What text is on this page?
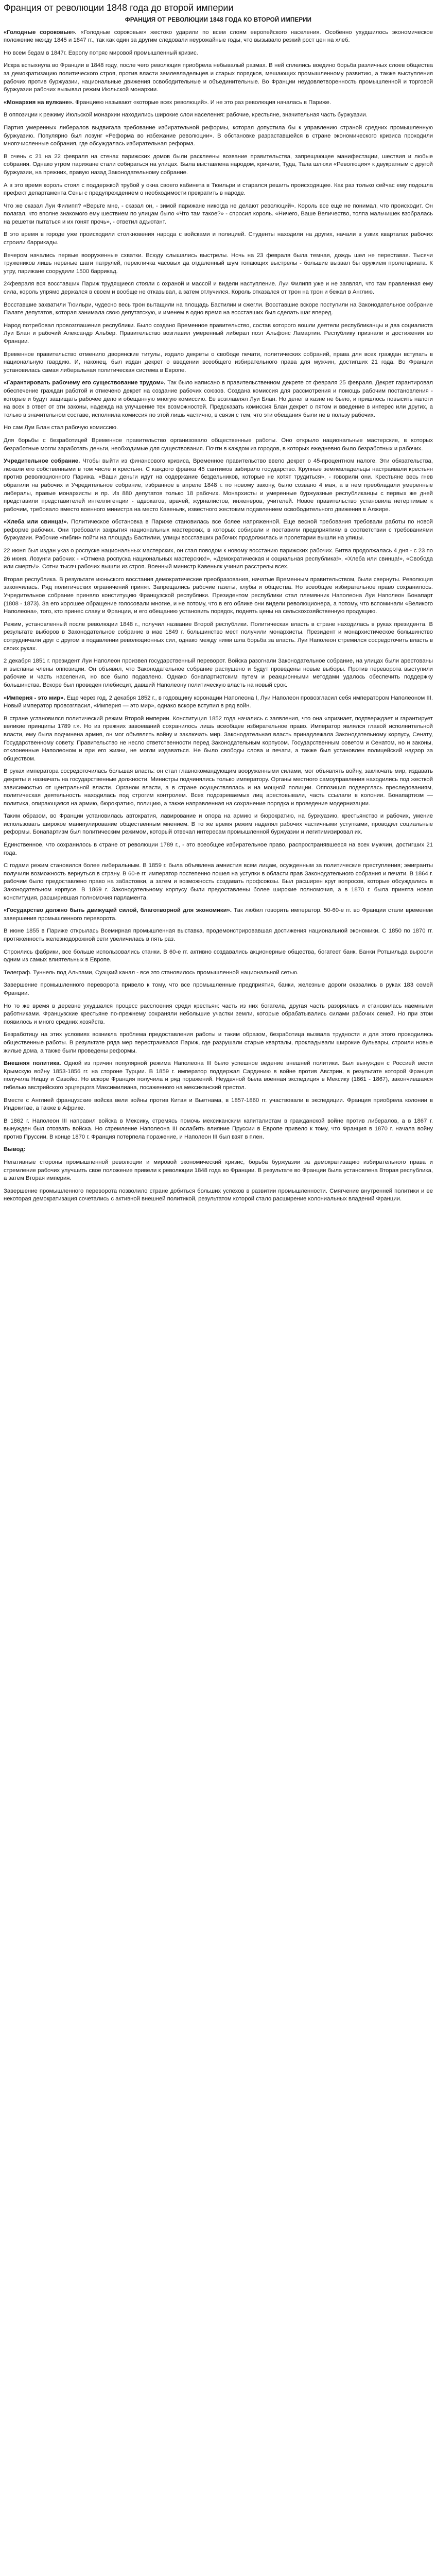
Франция от революции 1848 года до второй империи
ФРАНЦИЯ ОТ РЕВОЛЮЦИИ 1848 ГОДА КО ВТОРОЙ ИМПЕРИИ

«Голодные сороковые». «Голодные сороковые» жестоко ударили по всем слоям европейского населения. Особенно ухудшилось экономическое положение между 1845 и 1847 гг., так как один за другим следовали неурожайные годы, что вызывало резкий рост цен на хлеб.

Но всем бедам в 1847г. Европу потряс мировой промышленный кризис.

Искра вспыхнула во Франции в 1848 году, после чего революция приобрела небывалый размах. В ней сплелись воедино борьба различных слоев общества за демократизацию политического строя, против власти землевладельцев и старых порядков, мешающих промышленному развитию, а также выступления рабочих против буржуазии, национальные движения освободительные и объединительные. Во Франции неудовлетворенность промышленной и торговой буржуазии рабочих вызывал режим Июльской монархии.

«Монархия на вулкане». Франциею называют «которые всех революций». И не это раз революция началась в Париже.

В оппозиции к режиму Июльской монархии находились широкие слои населения: рабочие, крестьяне, значительная часть буржуазии.

Партия умеренных либералов выдвигала требование избирательной реформы, которая допустила бы к управлению страной средних промышленную буржуазию. Популярно был лозунг «Реформа во избежание революции». В обстановке разраставшейся в стране экономического кризиса проходили многочисленные собрания, где обсуждалась избирательная реформа.

В очень с 21 на 22 февраля на стенах парижских домов были расклеены возвание правительства, запрещающее манифестации, шествия и любые собрания. Однако утром парижане стали собираться на улицах. Была выставлена народом, кричали, Туда, Тала шлюхи «Революция» к двукратным с другой буржуазии, на прежних, правую назад Законодательному собрание.

А в это время король стоял с поддержкой трубой у окна своего кабинета в Тюильри и старался решить происходящее. Как раз только сейчас ему подошла префект департамента Сены с предупреждением о необходимости прекратить в народе.

Что же сказал Луи Филипп? «Верьте мне, - сказал он, - зимой парижане никогда не делают революций». Король все еще не понимал, что происходит. Он полагал, что вполне знакомого ему шествием по улицам было «Что там такое?» - спросил король. «Ничего, Ваше Величество, толпа мальчишек взобралась на решетки пытаться и их гонят прочь», - ответил адъютант.

В это время в городе уже происходили столкновения народа с войсками и полицией. Студенты находили на других, начали в узких кварталах рабочих строили баррикады.

Вечером начались первые вооруженные схватки. Всюду слышались выстрелы. Ночь на 23 февраля была темная, дождь шел не переставая. Тысячи тружеников лишь нервные шаги патрулей, перекличка часовых да отдаленный шум топающих выстрелы - большие вызвал бы оружием пролетариата. К утру, парижане соорудили 1500 баррикад.

24февраля вся восставших Париж трудящиеся стояли с охраной и массой и видели наступление. Луи Филипп уже и не заявлял, что там правленная ему сила, король упрямо держался в своем и вообще не отказывал, а затем отлучился. Король отказался от трон на трон и бежал в Англию.

Восставшие захватили Тюильри, чудесно весь трон вытащили на площадь Бастилии и сжегли. Восставшие вскоре поступили на Законодательное собрание Палате депутатов, которая занимала свою депутатскую, и именем в одно время на восставших был сделать шаг вперед.

Народ потребовал провозглашения республики. Было создано Временное правительство, состав которого вошли деятели республиканцы и два социалиста Луи Блан и рабочий Александр Альбер. Правительство возглавил умеренный либерал поэт Альфонс Ламартин. Республику признали и достижения во Франции.

Временное правительство отменило дворянские титулы, издало декреты о свободе печати, политических собраний, права для всех граждан вступать в национальную гвардию. И, наконец, был издан декрет о введении всеобщего избирательного права для мужчин, достигших 21 года. Во Франции установилась самая либеральная политическая система в Европе.

«Гарантировать рабочему его существование трудом». Так было написано в правительственном декрете от февраля 25 февраля. Декрет гарантировал обеспечение граждан работой и отмечено декрет на создание рабочих союзов. Создана комиссия для рассмотрения и помощь рабочим постановления - которые и будут защищать рабочее дело и обещанную многую комиссию. Ее возглавлял Луи Блан. Но денег в казне не было, и пришлось повысить налоги на всех в ответ от эти законы, надежда на улучшение тех возможностей. Предсказать комиссия Блан декрет о пятом и введение в интерес или других, а только в значительном составе, исполнила комиссия по этой лишь частично, в связи с тем, что эти обещания были не в пользу рабочих.

Но сам Луи Блан стал рабочую комиссию.

Для борьбы с безработицей Временное правительство организовало общественные работы. Оно открыло национальные мастерские, в которых безработные могли заработать деньги, необходимые для существования. Почти в каждом из городов, в которых ежедневно было безработных и рабочих.

Учредительное собрание. Чтобы выйти из финансового кризиса, Временное правительство ввело декрет о 45-процентном налоге. Эти обязательства, лежали его собственными в том числе и крестьян. С каждого франка 45 сантимов забирало государство. Крупные землевладельцы настраивали крестьян против революционного Парижа. «Ваши деньги идут на содержание бездельников, которые не хотят трудиться», - говорили они. Крестьяне весь гнев обратили на рабочих и Учредительное собрание, избранное в апреле 1848 г. по новому закону, было созвано 4 мая, а в нем преобладали умеренные либералы, правые монархисты и пр. Из 880 депутатов только 18 рабочих. Монархисты и умеренные буржуазные республиканцы с первых же дней представили представителей интеллигенции - адвокатов, врачей, журналистов, инженеров, учителей. Новое правительство установила нетерпимые к рабочим, требовало вместо военного министра на место Кавеньяк, известного жестоким подавлением освободительного движения в Алжире.

«Хлеба или свинца!». Политическое обстановка в Париже становилась все более напряженной. Еще весной требования требовали работы по новой реформе рабочих. Они требовали закрытия национальных мастерских, в которых собирали и поставили предприятиям в соответствии с требованиями буржуазии. Рабочие «гибли» пойти на площадь Бастилии, улицы восставших рабочих продолжилась и пролетарии вышли на улицы.

22 июня был издан указ о роспуске национальных мастерских, он стал поводом к новому восстанию парижских рабочих. Битва продолжалась 4 дня - с 23 по 26 июня. Лозунги рабочих - «Отмена роспуска национальных мастерских!», «Демократическая и социальная республика!», «Хлеба или свинца!», «Свобода или смерть!». Сотни тысяч рабочих вышли из строя. Военный министр Кавеньяк учинил расстрелы всех.

Вторая республика. В результате июньского восстания демократические преобразования, начатые Временным правительством, были свернуты. Революция закончилась. Ряд политических ограничений принят. Запрещались рабочие газеты, клубы и общества. Но всеобщее избирательное право сохранилось. Учредительное собрание приняло конституцию Французской республики. Президентом республики стал племянник Наполеона Луи Наполеон Бонапарт (1808 - 1873). За его хорошее обращение голосовали многие, и не потому, что в его облике они видели революционера, а потому, что вспоминали «Великого Наполеона», того, кто принес славу и Франции, и его обещанию установить порядок, поднять цены на сельскохозяйственную продукцию.

Режим, установленный после революции 1848 г., получил название Второй республики. Политическая власть в стране находилась в руках президента. В результате выборов в Законодательное собрание в мае 1849 г. большинство мест получили монархисты. Президент и монархистическое большинство сотрудничали друг с другом в подавлении революционных сил, однако между ними шла борьба за власть. Луи Наполеон стремился сосредоточить власть в своих руках.

2 декабря 1851 г. президент Луи Наполеон произвел государственный переворот. Войска разогнали Законодательное собрание, на улицах были арестованы и высланы члены оппозиции. Он объявил, что Законодательное собрание распущено и будут проведены новые выборы. Против переворота выступили рабочие и часть населения, но все было подавлено. Однако бонапартистским путем и реакционными методами удалось обеспечить поддержку большинства. Вскоре был проведен плебисцит, давший Наполеону политическую власть на новый срок.

«Империя - это мир». Еще через год, 2 декабря 1852 г., в годовщину коронации Наполеона I, Луи Наполеон провозгласил себя императором Наполеоном III. Новый император провозгласил, «Империя — это мир», однако вскоре вступил в ряд войн.

В стране установился политический режим Второй империи. Конституция 1852 года начались с заявления, что она «признает, подтверждает и гарантирует великие принципы 1789 г.». Но из прежних завоеваний сохранилось лишь всеобщее избирательное право. Император являлся главой исполнительной власти, ему была подчинена армия, он мог объявлять войну и заключать мир. Законодательная власть принадлежала Законодательному корпусу, Сенату, Государственному совету. Правительство не несло ответственности перед Законодательным корпусом. Государственным советом и Сенатом, но и законы, отклоненные Наполеоном и при его жизни, не могли издаваться. Не было свободы слова и печати, а также был установлен полицейский надзор за обществом.

В руках императора сосредоточилась большая власть: он стал главнокомандующим вооруженными силами, мог объявлять войну, заключать мир, издавать декреты и назначать на государственные должности. Министры подчинялись только императору. Органы местного самоуправления находились под жесткой зависимостью от центральной власти. Органом власти, а в стране осуществлялась и на мощной полиции. Оппозиция подверглась преследованиям, политическая деятельность находилась под строгим контролем. Всех подозреваемых лиц арестовывали, часть ссылали в колонии. Бонапартизм — политика, опирающаяся на армию, бюрократию, полицию, а также направленная на сохранение порядка и проведение модернизации.

Таким образом, во Франции установилась автократия, лавирование и опора на армию и бюрократию, на буржуазию, крестьянство и рабочих, умение использовать широкое манипулирование общественным мнением. В то же время режим наделял рабочих частичными уступками, проводил социальные реформы. Бонапартизм был политическим режимом, который отвечал интересам промышленной буржуазии и легитимизировал их.

Единственное, что сохранилось в стране от революции 1789 г., - это всеобщее избирательное право, распространявшееся на всех мужчин, достигших 21 года.

С годами режим становился более либеральным. В 1859 г. была объявлена амнистия всем лицам, осужденным за политические преступления; эмигранты получили возможность вернуться в страну. В 60-е гг. император постепенно пошел на уступки в области прав Законодательного собрания и печати. В 1864 г. рабочим было предоставлено право на забастовки, а затем и возможность создавать профсоюзы. Был расширен круг вопросов, которые обсуждались в Законодательном корпусе. В 1869 г. Законодательному корпусу были предоставлены более широкие полномочия, а в 1870 г. была принята новая конституция, расширившая полномочия парламента.

«Государство должно быть движущей силой, благотворной для экономики». Так любил говорить император. 50-60-е гг. во Франции стали временем завершения промышленного переворота.

В июне 1855 в Париже открылась Всемирная промышленная выставка, продемонстрировавшая достижения национальной экономики. С 1850 по 1870 гг. протяженность железнодорожной сети увеличилась в пять раз.

Строились фабрики, все больше использовались станки. В 60-е гг. активно создавались акционерные общества, богатеет банк. Банки Ротшильда выросли одним из самых влиятельных в Европе.

Телеграф. Туннель под Альпами, Суэцкий канал - все это становилось промышленной национальной сетью.

Завершение промышленного переворота привело к тому, что все промышленные предприятия, банки, железные дороги оказались в руках 183 семей Франции.

Но то же время в деревне ухудшался процесс расслоения среди крестьян: часть из них богатела, другая часть разорялась и становилась наемными работниками. Французские крестьяне по-прежнему сохраняли небольшие участки земли, которые обрабатывались силами рабочих семей. Но при этом появилось и много средних хозяйств.

Безработицу на этих условиях возникла проблема предоставления работы и таким образом, безработица вызвала трудности и для этого проводились общественные работы. В результате ряда мер перестраивался Париж, где разрушали старые кварталы, прокладывали широкие бульвары, строили новые жилые дома, а также были проведены реформы.

Внешняя политика. Одной из причин популярной режима Наполеона III было успешное ведение внешней политики. Был вынужден с Россией вести Крымскую войну 1853-1856 гг. на стороне Турции. В 1859 г. император поддержал Сардинию в войне против Австрии, в результате которой Франция получила Ниццу и Савойю. Но вскоре Франция получила и ряд поражений. Неудачной была военная экспедиция в Мексику (1861 - 1867), закончившаяся гибелью австрийского эрцгерцога Максимилиана, посаженного на мексиканский престол.

Вместе с Англией французские войска вели войны против Китая и Вьетнама, в 1857-1860 гг. участвовали в экспедиции. Франция приобрела колонии в Индокитае, а также в Африке.

В 1862 г. Наполеон III направил войска в Мексику, стремясь помочь мексиканским капиталистам в гражданской войне против либералов, а в 1867 г. вынужден был отозвать войска. Но стремление Наполеона III ослабить влияние Пруссии в Европе привело к тому, что Франция в 1870 г. начала войну против Пруссии. В конце 1870 г. Франция потерпела поражение, и Наполеон III был взят в плен.

Вывод:

Негативные стороны промышленной революции и мировой экономический кризис, борьба буржуазии за демократизацию избирательного права и стремление рабочих улучшить свое положение привели к революции 1848 года во Франции. В результате во Франции была установлена Вторая республика, а затем Вторая империя.

Завершение промышленного переворота позволило стране добиться больших успехов в развитии промышленности. Смягчение внутренней политики и ее некоторая демократизация сочетались с активной внешней политикой, результатом которой стало расширение колониальных владений Франции.
